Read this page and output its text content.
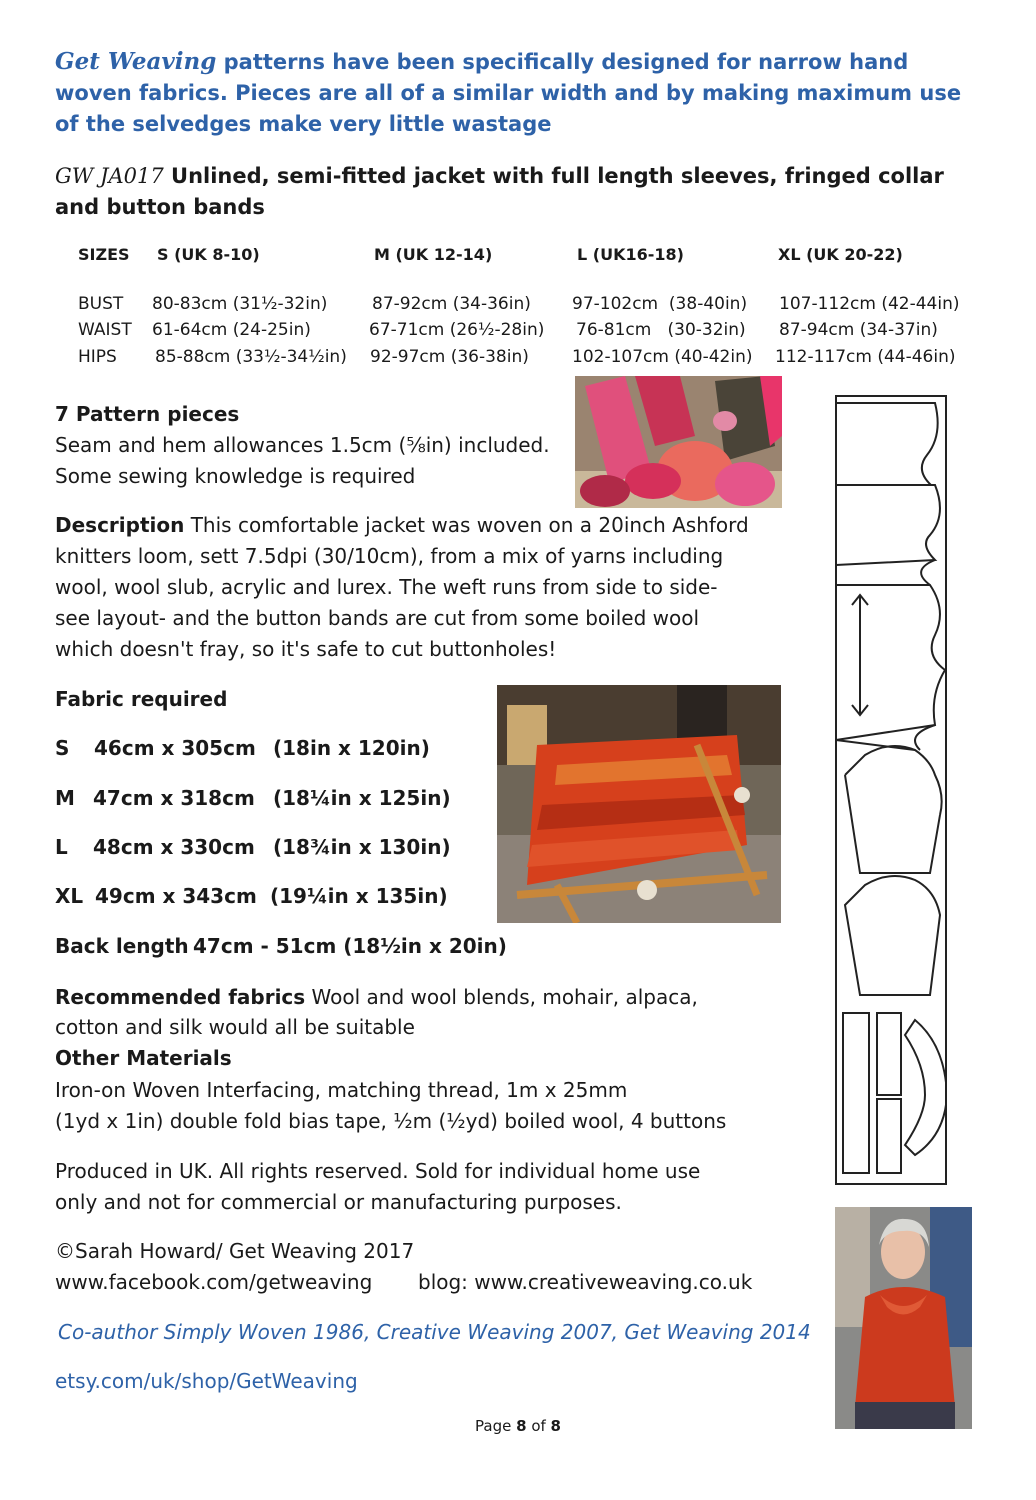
Get Weaving patterns have been specifically designed for narrow hand woven fabrics. Pieces are all of a similar width and by making maximum use of the selvedges make very little wastage
GW JA017 Unlined, semi-fitted jacket with full length sleeves, fringed collar and button bands
SIZES S (UK 8-10)	M (UK 12-14)	L (UK16-18)	XL (UK 20-22)
BUST 80-83cm (31½-32in)	87-92cm (34-36in) 97-102cm  (38-40in) 107-112cm (42-44in)
WAIST 61-64cm (24-25in)	67-71cm (26½-28in) 76-81cm   (30-32in) 87-94cm (34-37in)
HIPS 85-88cm (33½-34½in) 92-97cm (36-38in)	102-107cm (40-42in) 112-117cm (44-46in)
7 Pattern pieces
Seam and hem allowances 1.5cm (⅝in) included.
Some sewing knowledge is required
Description This comfortable jacket was woven on a 20inch Ashford
knitters loom, sett 7.5dpi (30/10cm), from a mix of yarns including
wool, wool slub, acrylic and lurex. The weft runs from side to side-
see layout- and the button bands are cut from some boiled wool
which doesn't fray, so it's safe to cut buttonholes!
Fabric required
S 46cm x 305cm (18in x 120in)
M 47cm x 318cm (18¼in x 125in)
L 48cm x 330cm (18¾in x 130in)
XL 49cm x 343cm (19¼in x 135in)
Back length 47cm - 51cm (18½in x 20in)
Recommended fabrics Wool and wool blends, mohair, alpaca,
cotton and silk would all be suitable
Other Materials
Iron-on Woven Interfacing, matching thread, 1m x 25mm
(1yd x 1in) double fold bias tape, ½m (½yd) boiled wool, 4 buttons
Produced in UK. All rights reserved. Sold for individual home use
only and not for commercial or manufacturing purposes.
©Sarah Howard/ Get Weaving 2017
www.facebook.com/getweaving blog: www.creativeweaving.co.uk
Co-author Simply Woven 1986, Creative Weaving 2007, Get Weaving 2014
etsy.com/uk/shop/GetWeaving
Page 8 of 8
